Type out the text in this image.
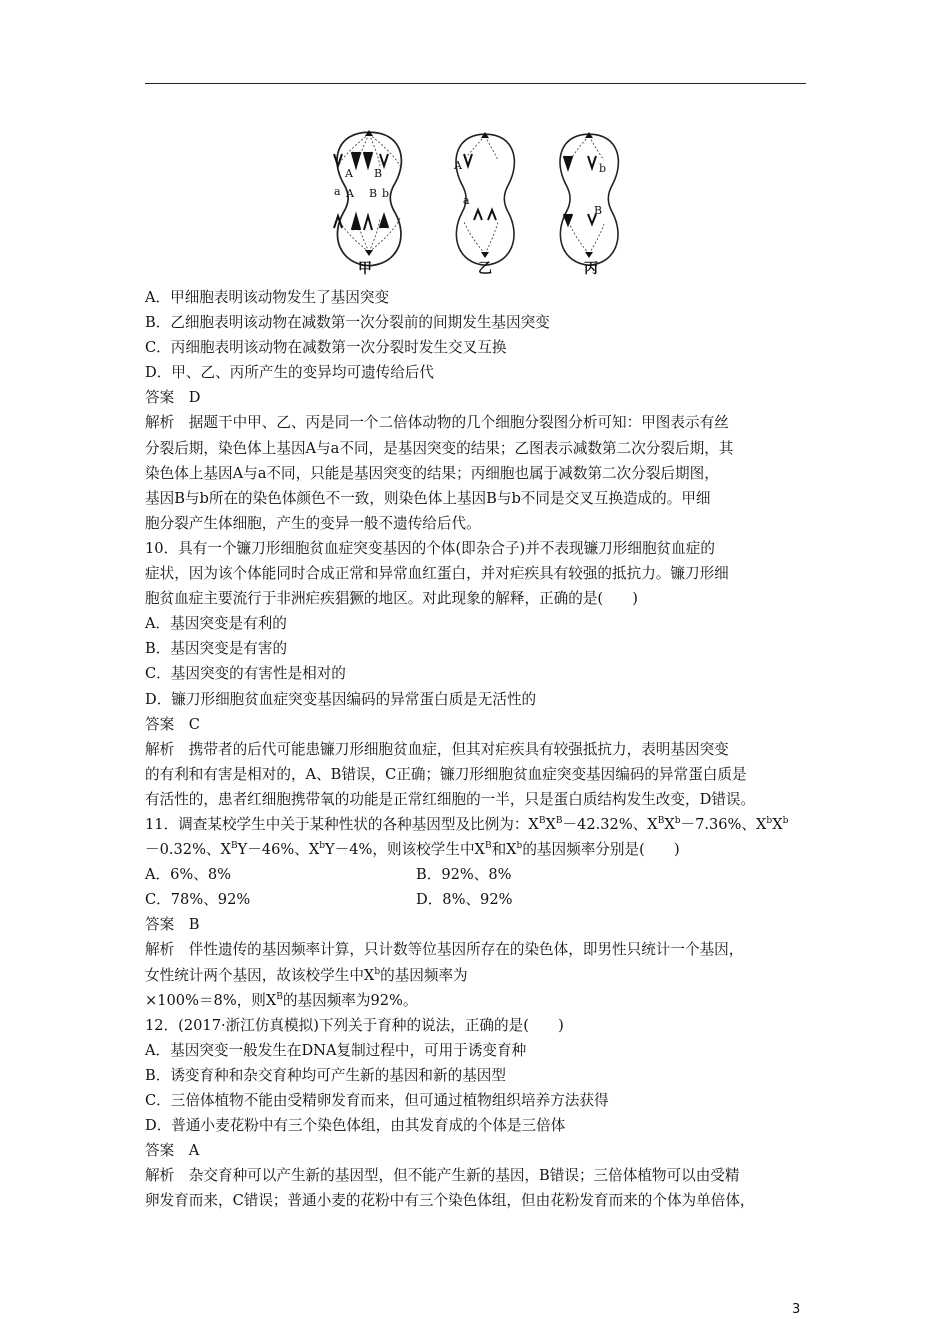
A B
a A B b
A
a
b
B
甲	乙	丙
A．甲细胞表明该动物发生了基因突变
B．乙细胞表明该动物在减数第一次分裂前的间期发生基因突变
C．丙细胞表明该动物在减数第一次分裂时发生交叉互换
D．甲、乙、丙所产生的变异均可遗传给后代
答案　D
解析　据题干中甲、乙、丙是同一个二倍体动物的几个细胞分裂图分析可知：甲图表示有丝
分裂后期，染色体上基因A与a不同，是基因突变的结果；乙图表示减数第二次分裂后期，其
染色体上基因A与a不同，只能是基因突变的结果；丙细胞也属于减数第二次分裂后期图，
基因B与b所在的染色体颜色不一致，则染色体上基因B与b不同是交叉互换造成的。甲细
胞分裂产生体细胞，产生的变异一般不遗传给后代。
10．具有一个镰刀形细胞贫血症突变基因的个体(即杂合子)并不表现镰刀形细胞贫血症的
症状，因为该个体能同时合成正常和异常血红蛋白，并对疟疾具有较强的抵抗力。镰刀形细
胞贫血症主要流行于非洲疟疾猖獗的地区。对此现象的解释，正确的是(　　)
A．基因突变是有利的
B．基因突变是有害的
C．基因突变的有害性是相对的
D．镰刀形细胞贫血症突变基因编码的异常蛋白质是无活性的
答案　C
解析　携带者的后代可能患镰刀形细胞贫血症，但其对疟疾具有较强抵抗力，表明基因突变
的有利和有害是相对的，A、B错误，C正确；镰刀形细胞贫血症突变基因编码的异常蛋白质是
有活性的，患者红细胞携带氧的功能是正常红细胞的一半，只是蛋白质结构发生改变，D错误。
11．调查某校学生中关于某种性状的各种基因型及比例为：$X^BX^B-42.32\%$、$X^BX^b-7.36\%$、$X^bX^b$
－0.32%、$X^BY-46\%$、$X^bY-4\%$，则该校学生中$X^B$和$X^b$的基因频率分别是(　　)
A．6%、8%	B．92%、8%
C．78%、92%	D．8%、92%
答案　B
解析　伴性遗传的基因频率计算，只计数等位基因所存在的染色体，即男性只统计一个基因，
女性统计两个基因，故该校学生中$X^b$的基因频率为
×100%＝8%，则$X^B$的基因频率为92%。
12．(2017·浙江仿真模拟)下列关于育种的说法，正确的是(　　)
A．基因突变一般发生在DNA复制过程中，可用于诱变育种
B．诱变育种和杂交育种均可产生新的基因和新的基因型
C．三倍体植物不能由受精卵发育而来，但可通过植物组织培养方法获得
D．普通小麦花粉中有三个染色体组，由其发育成的个体是三倍体
答案　A
解析　杂交育种可以产生新的基因型，但不能产生新的基因，B错误；三倍体植物可以由受精
卵发育而来，C错误；普通小麦的花粉中有三个染色体组，但由花粉发育而来的个体为单倍体，
3
